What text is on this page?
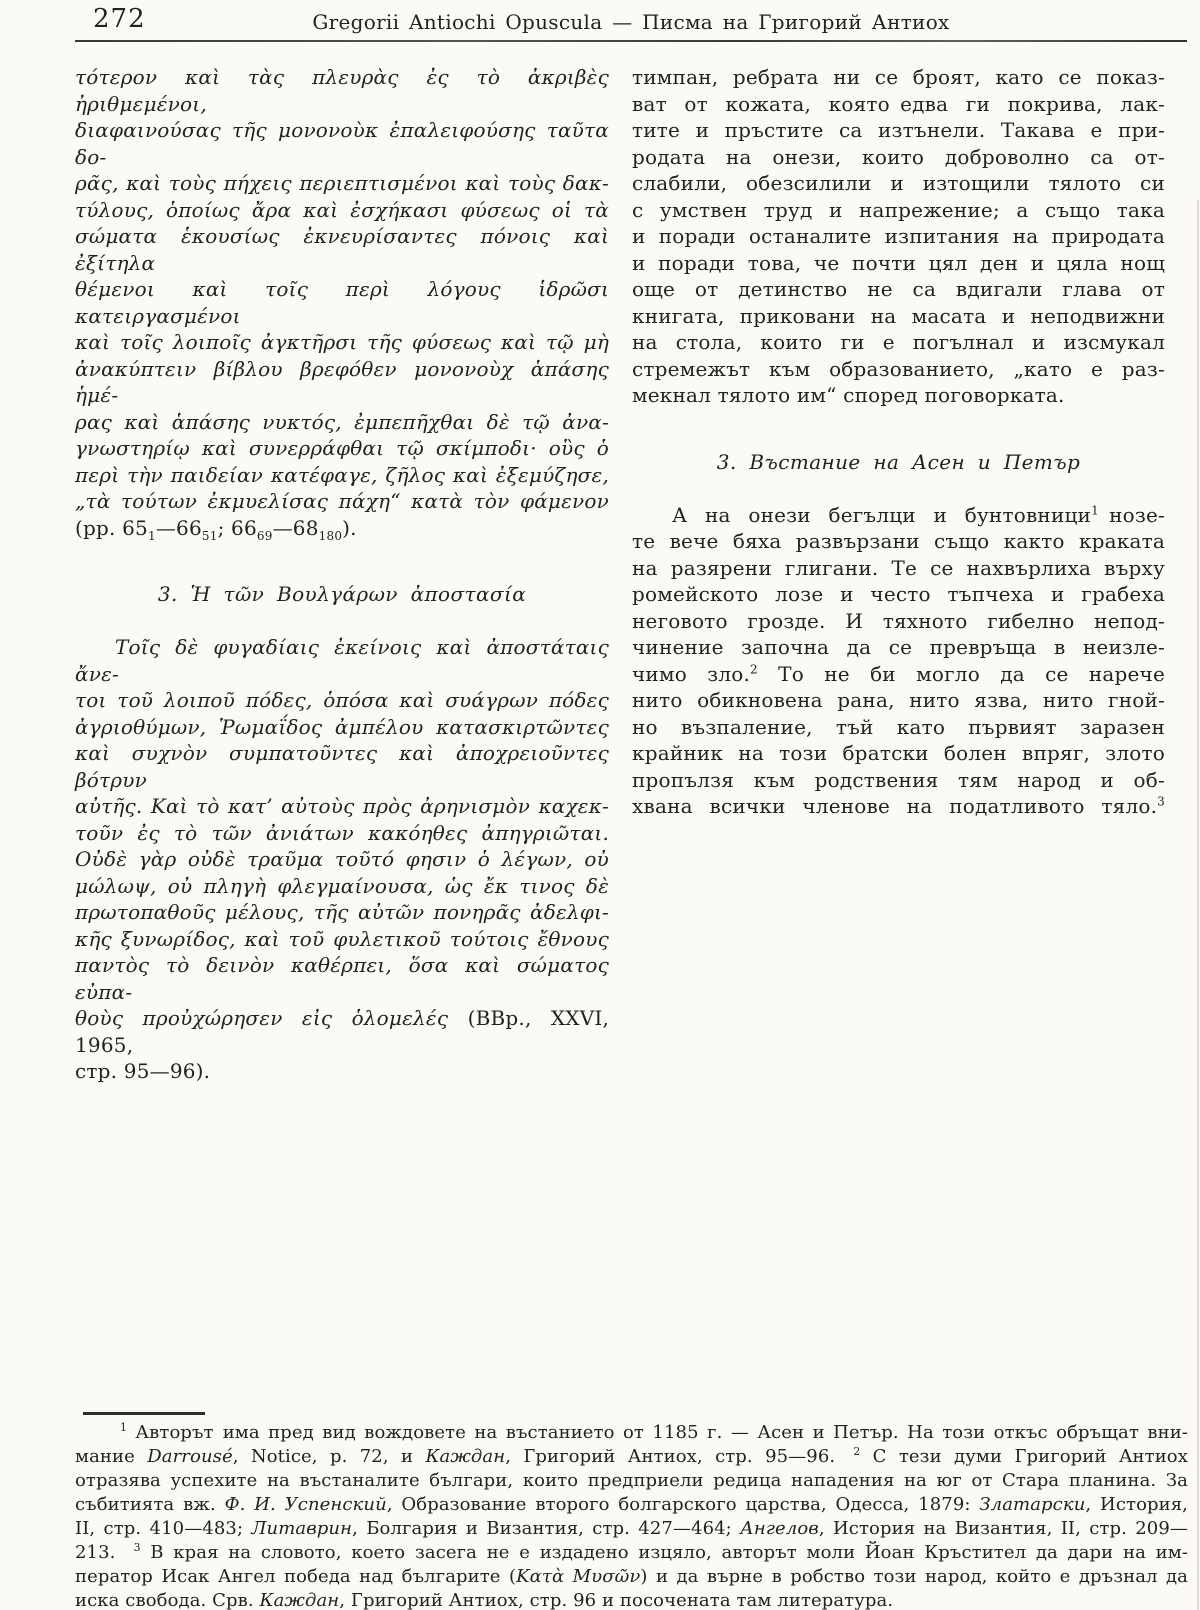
272	Gregorii Antiochi Opuscula — Писма на Григорий Антиох
τότερον καὶ τὰς πλευρὰς ἐς τὸ ἀκριβὲς ἠριθμεμένοι,
διαφαινούσας τῆς μονονοὺκ ἐπαλειφούσης ταῦτα δο-
ρᾶς, καὶ τοὺς πήχεις περιεπτισμένοι καὶ τοὺς δακ-
τύλους, ὁποίως ἄρα καὶ ἐσχήκασι φύσεως οἱ τὰ
σώματα ἑκουσίως ἐκνευρίσαντες πόνοις καὶ ἐξίτηλα
θέμενοι καὶ τοῖς περὶ λόγους ἱδρῶσι κατειργασμένοι
καὶ τοῖς λοιποῖς ἀγκτῆρσι τῆς φύσεως καὶ τῷ μὴ
ἀνακύπτειν βίβλου βρεφόθεν μονονοὺχ ἁπάσης ἡμέ-
ρας καὶ ἁπάσης νυκτός, ἐμπεπῆχθαι δὲ τῷ ἀνα-
γνωστηρίῳ καὶ συνερράφθαι τῷ σκίμποδι· οὓς ὁ
περὶ τὴν παιδείαν κατέφαγε, ζῆλος καὶ ἐξεμύζησε,
„τὰ τούτων ἐκμυελίσας πάχη“ κατὰ τὸν φάμενον
(pp. $65_1—66_{51}$; $66_{69}—68_{180}$).
3. Ἡ τῶν Βουλγάρων ἀποστασία
Τοῖς δὲ φυγαδίαις ἐκείνοις καὶ ἀποστάταις ἄνε-
τοι τοῦ λοιποῦ πόδες, ὁπόσα καὶ συάγρων πόδες
ἀγριοθύμων, Ῥωμαΐδος ἀμπέλου κατασκιρτῶντες
καὶ συχνὸν συμπατοῦντες καὶ ἀποχρειοῦντες βότρυν
αὐτῆς. Καὶ τὸ κατ’ αὐτοὺς πρὸς ἀρηνισμὸν καχεκ-
τοῦν ἐς τὸ τῶν ἀνιάτων κακόηθες ἀπηγριῶται.
Οὐδὲ γὰρ οὐδὲ τραῦμα τοῦτό φησιν ὁ λέγων, οὐ
μώλωψ, οὐ πληγὴ φλεγμαίνουσα, ὡς ἔκ τινος δὲ
πρωτοπαθοῦς μέλους, τῆς αὐτῶν πονηρᾶς ἀδελφι-
κῆς ξυνωρίδος, καὶ τοῦ φυλετικοῦ τούτοις ἔθνους
παντὸς τὸ δεινὸν καθέρπει, ὅσα καὶ σώματος εὐπα-
θοὺς προὐχώρησεν εἰς ὁλομελές (ВВр., XXVI, 1965,
стр. 95—96).
тимпан, ребрата ни се броят, като се показ-
ват от кожата, която едва ги покрива, лак-
тите и пръстите са изтънели. Такава е при-
родата на онези, които доброволно са от-
слабили, обезсилили и изтощили тялото си
с умствен труд и напрежение; а също така
и поради останалите изпитания на природата
и поради това, че почти цял ден и цяла нощ
още от детинство не са вдигали глава от
книгата, приковани на масата и неподвижни
на стола, които ги е погълнал и изсмукал
стремежът към образованието, „като е раз-
мекнал тялото им“ според поговорката.
3. Въстание на Асен и Петър
А на онези бегълци и бунтовници$^1$ нозе-
те вече бяха развързани също както краката
на разярени глигани. Те се нахвърлиха върху
ромейското лозе и често тъпчеха и грабеха
неговото грозде. И тяхното гибелно непод-
чинение започна да се превръща в неизле-
чимо зло.$^2$ То не би могло да се нарече
нито обикновена рана, нито язва, нито гной-
но възпаление, тъй като първият заразен
крайник на този братски болен впряг, злото
пропълзя към родствения тям народ и об-
хвана всички членове на податливото тяло.$^3$
$^1$ Авторът има пред вид вождовете на въстанието от 1185 г. — Асен и Петър. На този откъс обръщат вни-
мание Darrousé, Notice, p. 72, и Каждан, Григорий Антиох, стр. 95—96. $^2$ С тези думи Григорий Антиох
отразява успехите на въстаналите българи, които предприели редица нападения на юг от Стара планина. За
събитията вж. Ф. И. Успенский, Образование второго болгарского царства, Одесса, 1879: Златарски, История,
II, стр. 410—483; Литаврин, Болгария и Византия, стр. 427—464; Ангелов, История на Византия, II, стр. 209—
213. $^3$ В края на словото, което засега не е издадено изцяло, авторът моли Йоан Кръстител да дари на им-
ператор Исак Ангел победа над българите (Κατὰ Μυσῶν) и да върне в робство този народ, който е дръзнал да
иска свобода. Срв. Каждан, Григорий Антиох, стр. 96 и посочената там литература.
